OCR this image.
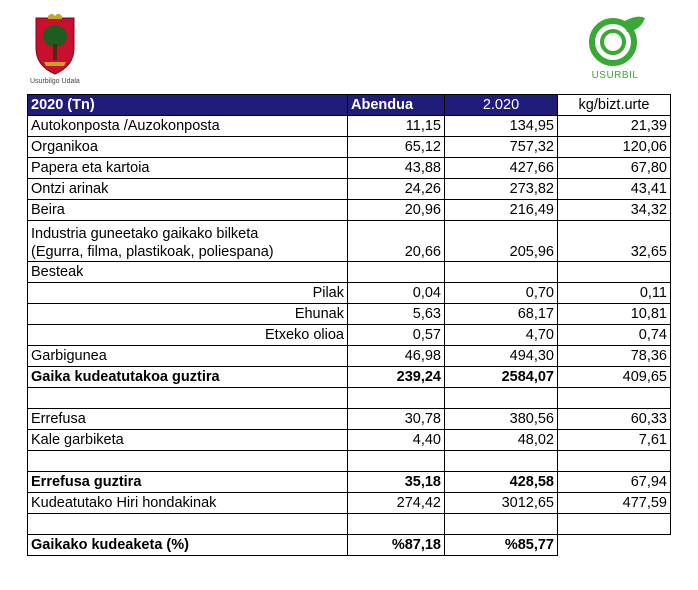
Usurbilgo Udala
USURBIL
2020 (Tn)	Abendua	2.020	kg/bizt.urte
Autokonposta /Auzokonposta	11,15	134,95	21,39
Organikoa	65,12	757,32	120,06
Papera eta kartoia	43,88	427,66	67,80
Ontzi arinak	24,26	273,82	43,41
Beira	20,96	216,49	34,32

Industria guneetako gaikako bilketa
(Egurra, filma, plastikoak, poliespana)	20,66	205,96	32,65
Besteak			
Pilak	0,04	0,70	0,11
Ehunak	5,63	68,17	10,81
Etxeko olioa	0,57	4,70	0,74
Garbigunea	46,98	494,30	78,36
Gaika kudeatutakoa guztira	239,24	2584,07	409,65

Errefusa	30,78	380,56	60,33
Kale garbiketa	4,40	48,02	7,61

Errefusa guztira	35,18	428,58	67,94
Kudeatutako Hiri hondakinak	274,42	3012,65	477,59

Gaikako kudeaketa (%)	%87,18	%85,77	
